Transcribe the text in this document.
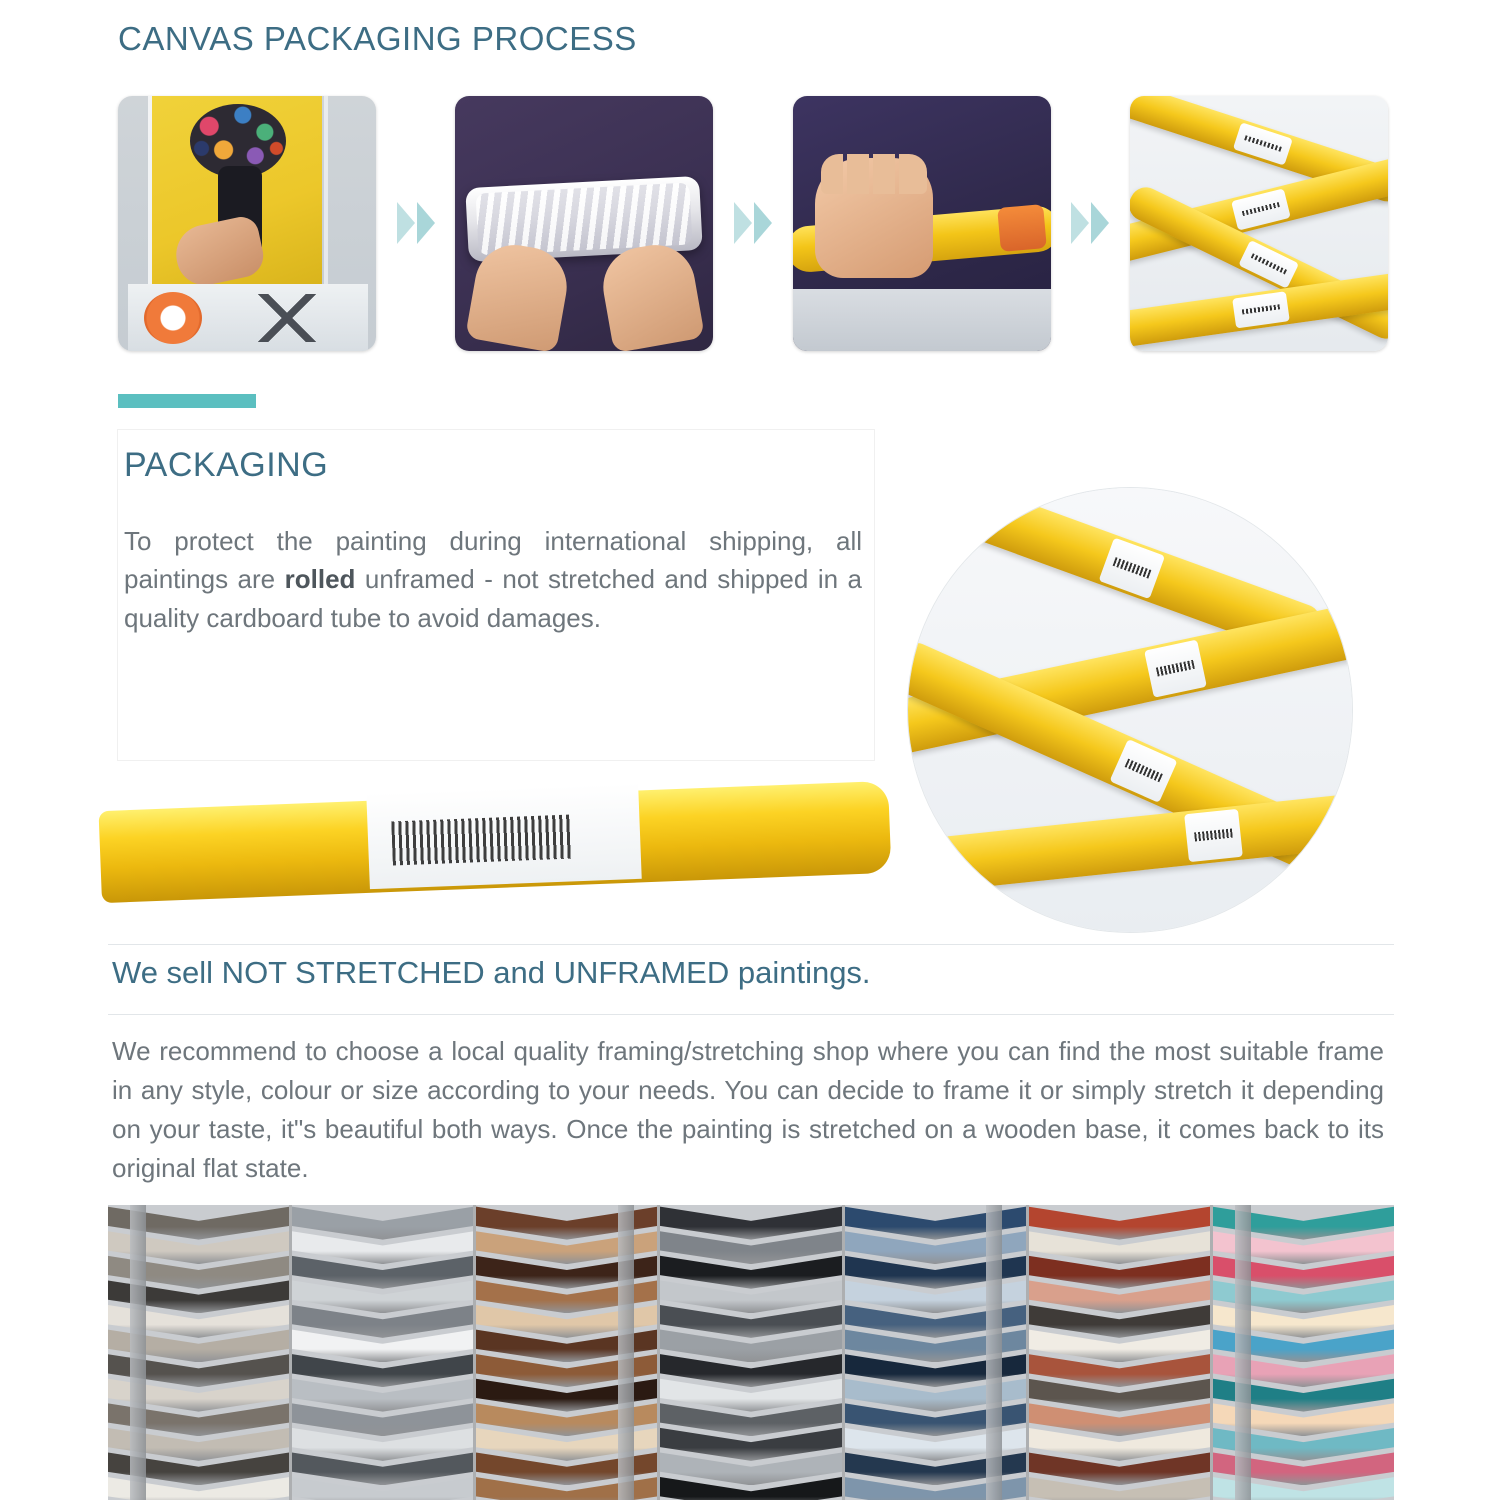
CANVAS PACKAGING PROCESS
PACKAGING

To protect the painting during international shipping, all paintings are rolled unframed - not stretched and shipped in a quality cardboard tube to avoid damages.

We sell NOT STRETCHED and UNFRAMED paintings.
We recommend to choose a local quality framing/stretching shop where you can find the most suitable frame in any style, colour or size according to your needs. You can decide to frame it or simply stretch it depending on your taste, it"s beautiful both ways. Once the painting is stretched on a wooden base, it comes back to its original flat state.
